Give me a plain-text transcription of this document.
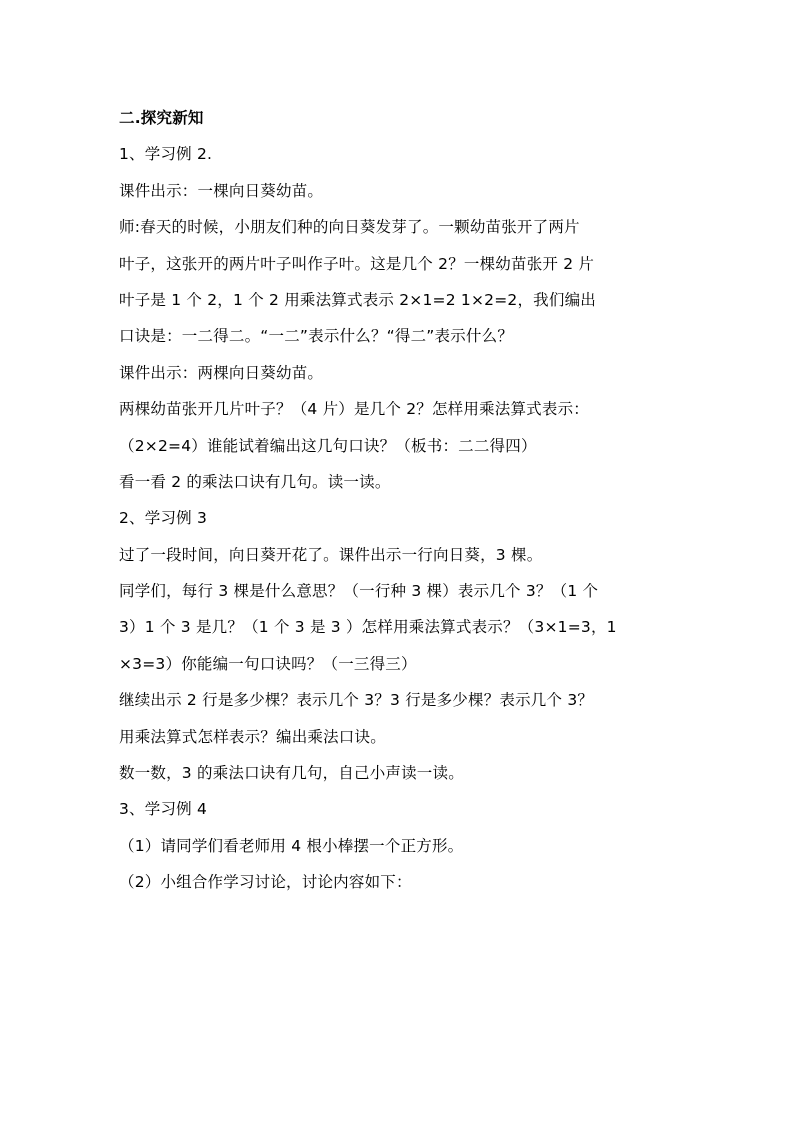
二.探究新知
1、学习例 2.
课件出示：一棵向日葵幼苗。
师:春天的时候，小朋友们种的向日葵发芽了。一颗幼苗张开了两片
叶子，这张开的两片叶子叫作子叶。这是几个 2？一棵幼苗张开 2 片
叶子是 1 个 2，1 个 2 用乘法算式表示 2×1=2 1×2=2，我们编出
口诀是：一二得二。“一二”表示什么？“得二”表示什么？
课件出示：两棵向日葵幼苗。
两棵幼苗张开几片叶子？（4 片）是几个 2？怎样用乘法算式表示：
（2×2=4）谁能试着编出这几句口诀？（板书：二二得四）
看一看 2 的乘法口诀有几句。读一读。
2、学习例 3
过了一段时间，向日葵开花了。课件出示一行向日葵，3 棵。
同学们，每行 3 棵是什么意思？（一行种 3 棵）表示几个 3？（1 个
3）1 个 3 是几？（1 个 3 是 3 ）怎样用乘法算式表示？（3×1=3，1
×3=3）你能编一句口诀吗？（一三得三）
继续出示 2 行是多少棵？表示几个 3？3 行是多少棵？表示几个 3？
用乘法算式怎样表示？编出乘法口诀。
数一数，3 的乘法口诀有几句，自己小声读一读。
3、学习例 4
（1）请同学们看老师用 4 根小棒摆一个正方形。
（2）小组合作学习讨论，讨论内容如下：
